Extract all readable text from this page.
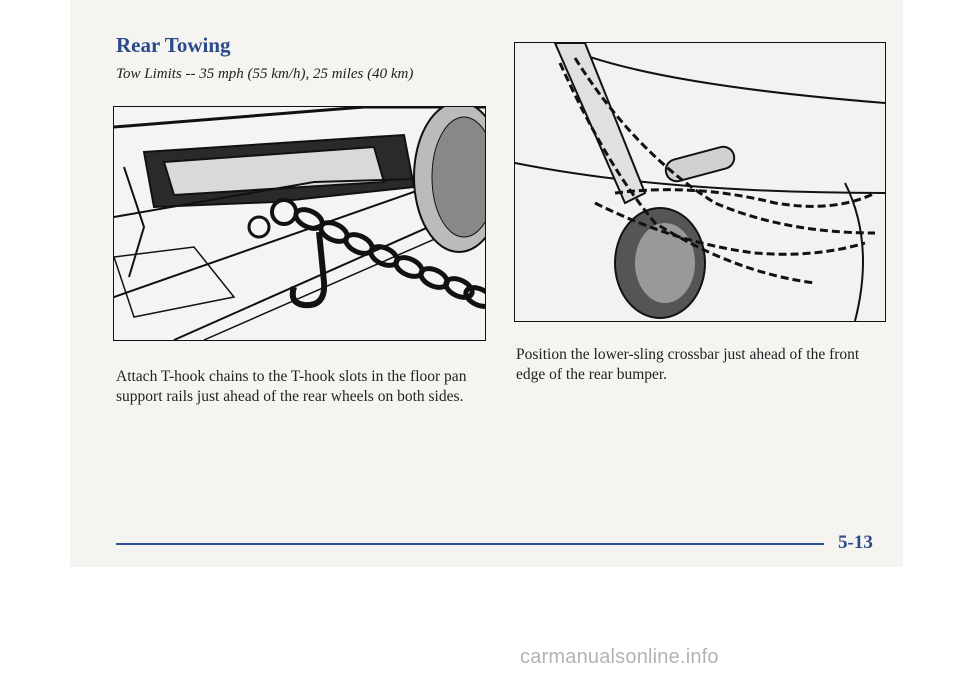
Rear Towing
Tow Limits -- 35 mph (55 km/h), 25 miles (40 km)
Attach T-hook chains to the T-hook slots in the floor pan support rails just ahead of the rear wheels on both sides.
Position the lower-sling crossbar just ahead of the front edge of the rear bumper.
5-13
carmanualsonline.info
